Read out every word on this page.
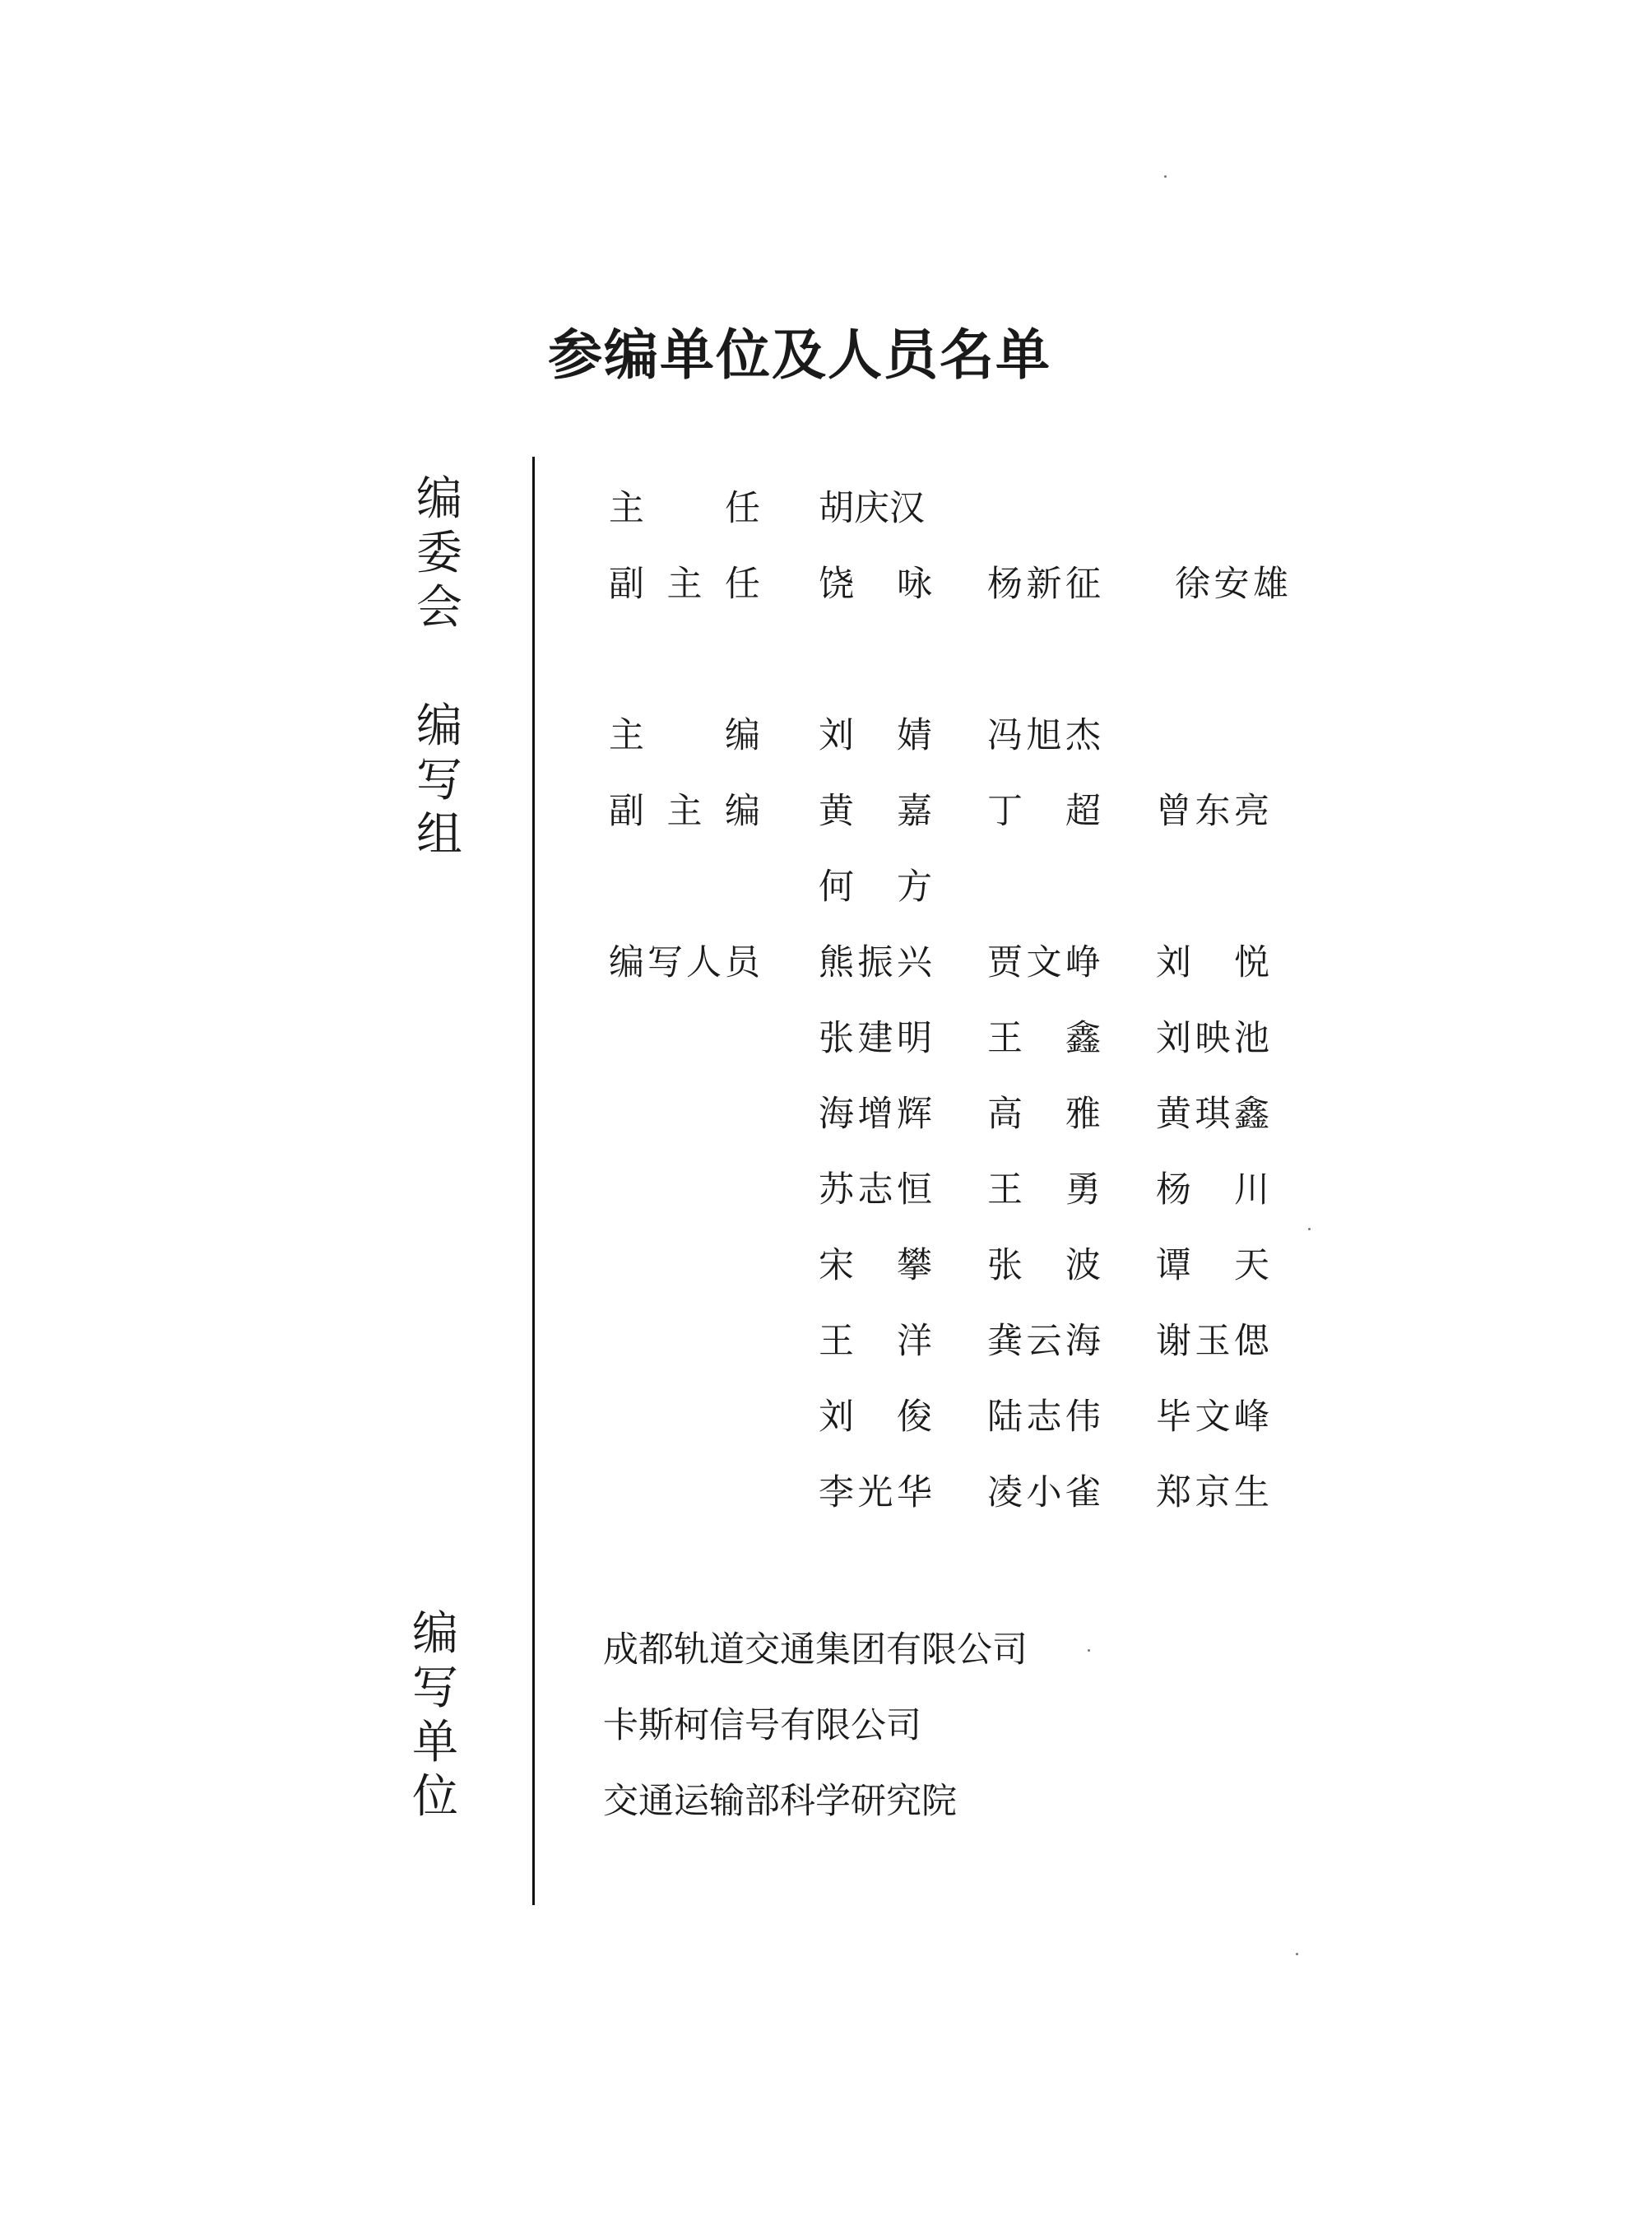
参编单位及人员名单
编
委
会
编
写
组
编
写
单
位
主任 胡庆汉
副主任 饶咏 杨新征 徐安雄
主编 刘婧 冯旭杰
副主编 黄嘉 丁超 曾东亮
何方
编写人员 熊振兴 贾文峥 刘悦
张建明 王鑫 刘映池
海增辉 高雅 黄琪鑫
苏志恒 王勇 杨川
宋攀 张波 谭天
王洋 龚云海 谢玉偲
刘俊 陆志伟 毕文峰
李光华 凌小雀 郑京生
成都轨道交通集团有限公司
卡斯柯信号有限公司
交通运输部科学研究院
